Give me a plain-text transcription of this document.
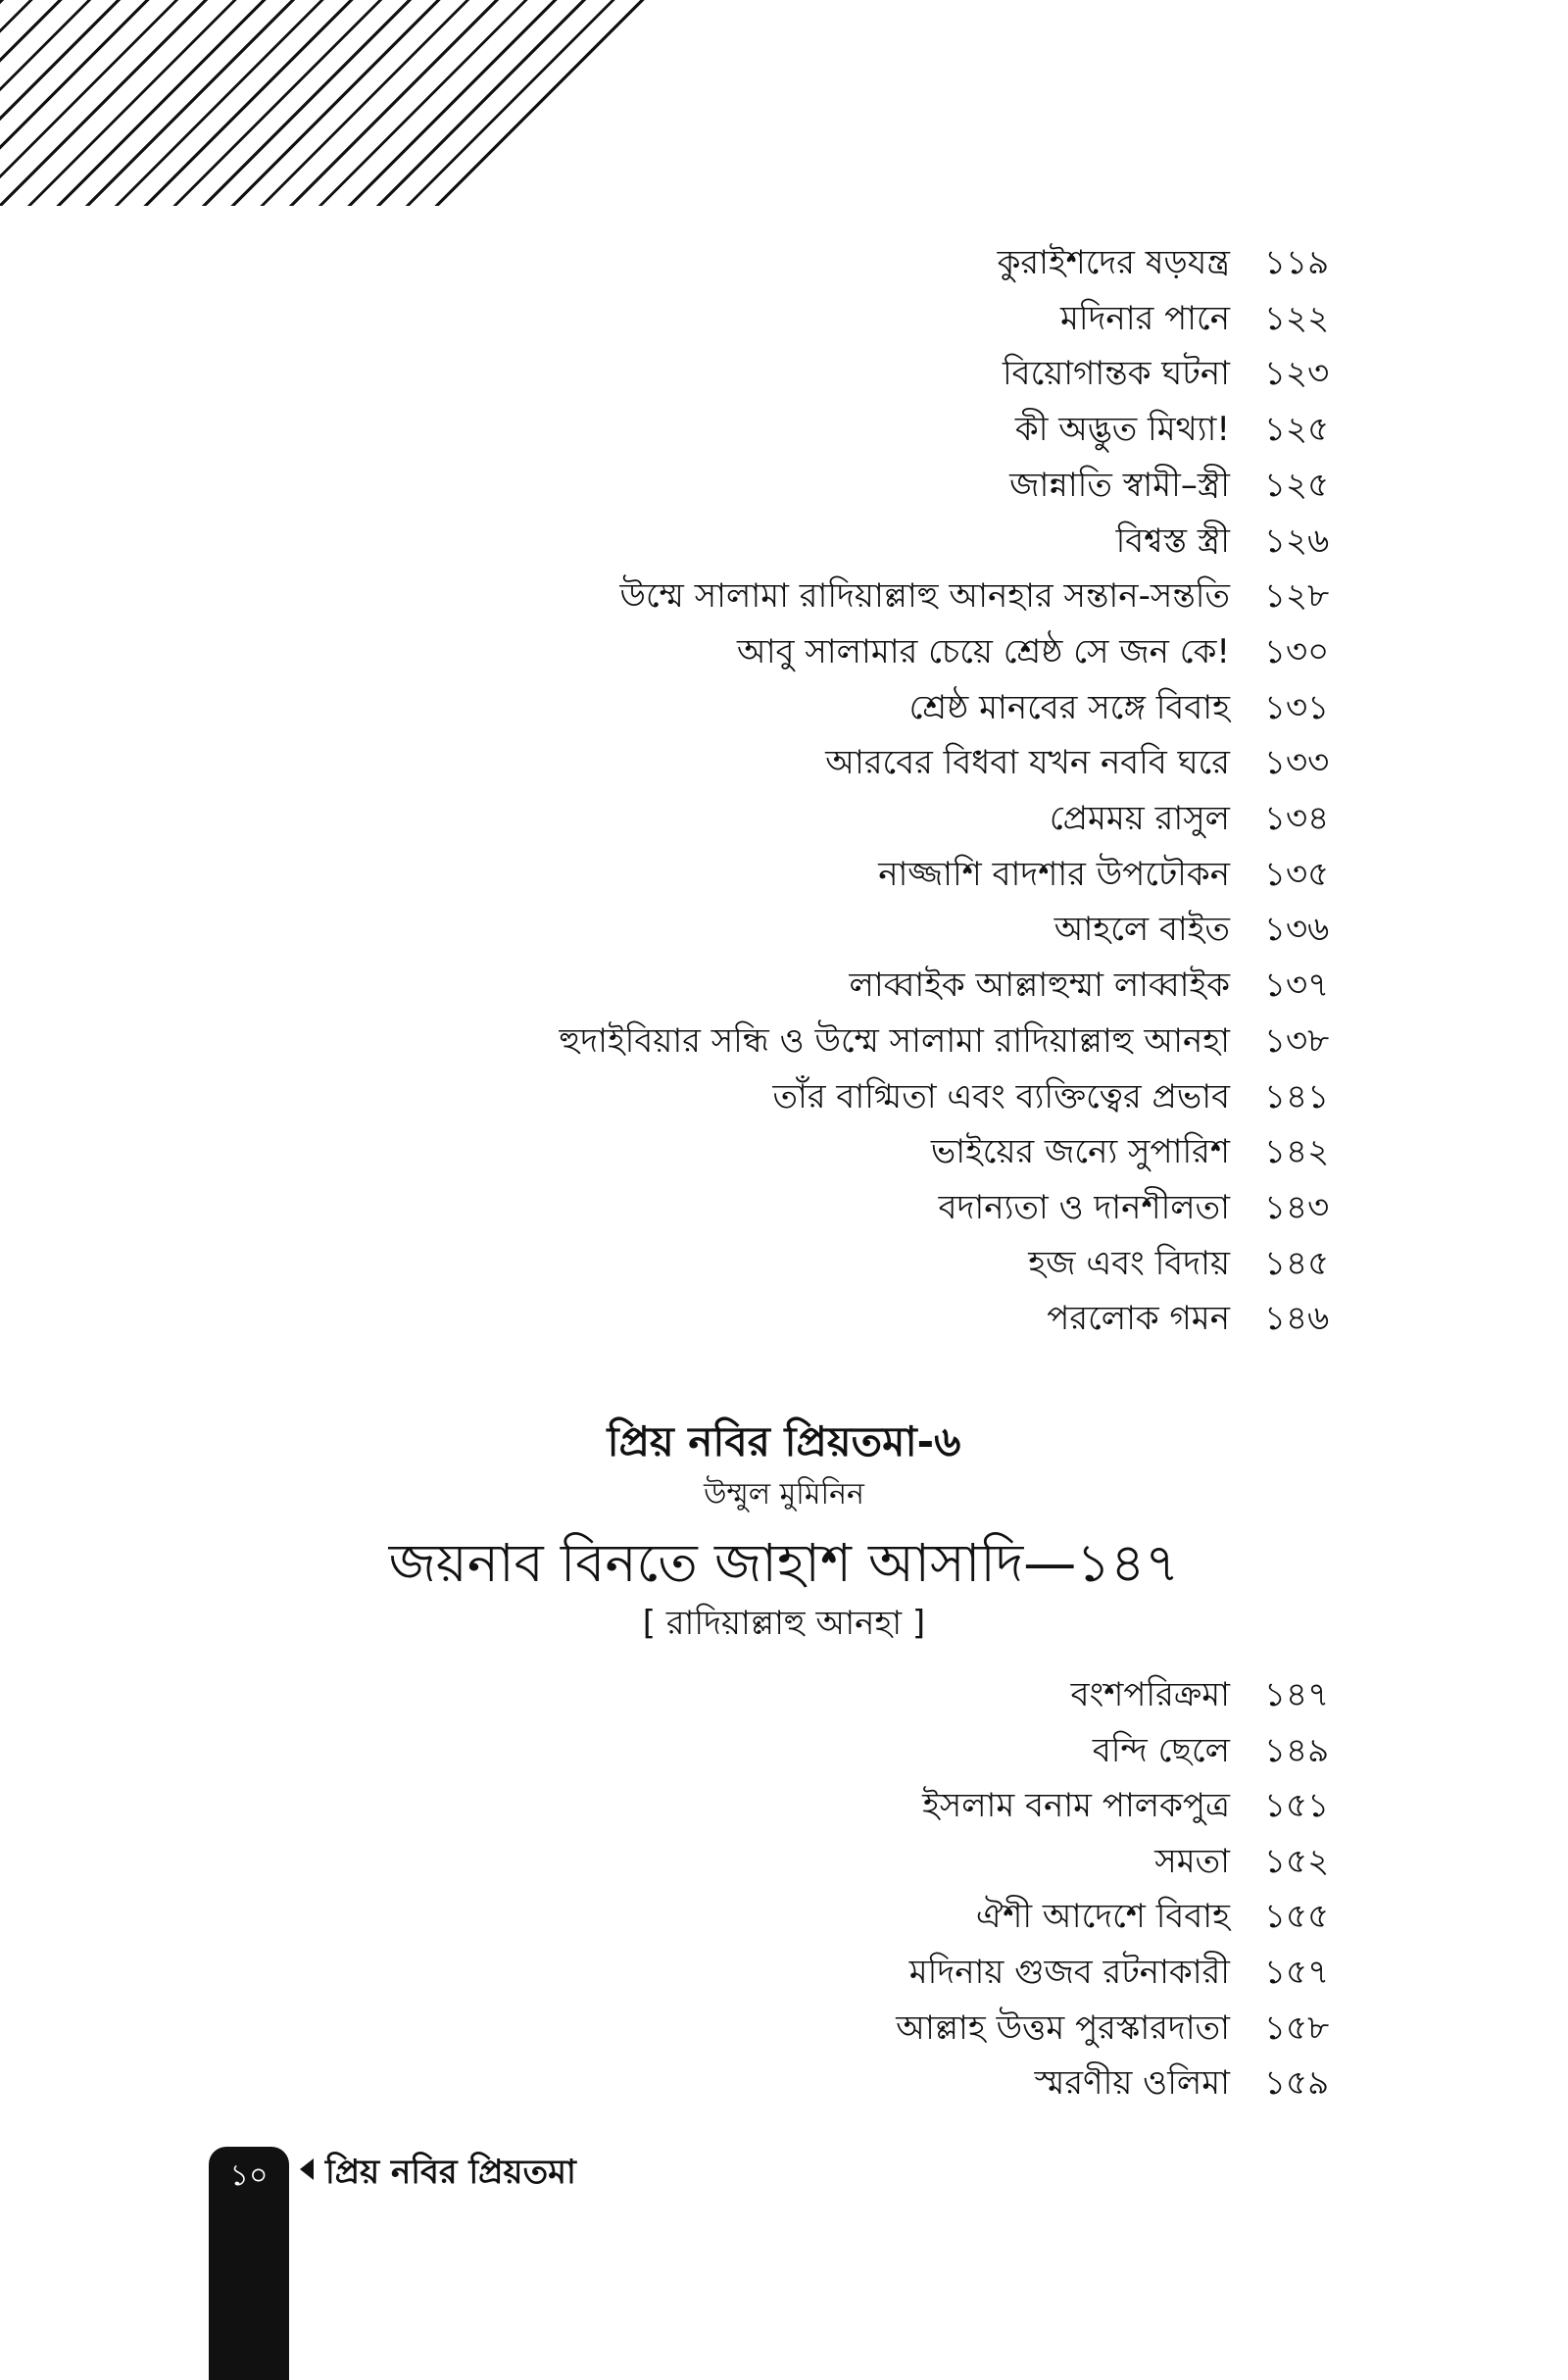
কুরাইশদের ষড়যন্ত্র ১১৯
মদিনার পানে ১২২
বিয়োগান্তক ঘটনা ১২৩
কী অদ্ভুত মিথ্যা! ১২৫
জান্নাতি স্বামী–স্ত্রী ১২৫
বিশ্বস্ত স্ত্রী ১২৬
উম্মে সালামা রাদিয়াল্লাহু আনহার সন্তান-সন্ততি ১২৮
আবু সালামার চেয়ে শ্রেষ্ঠ সে জন কে! ১৩০
শ্রেষ্ঠ মানবের সঙ্গে বিবাহ ১৩১
আরবের বিধবা যখন নববি ঘরে ১৩৩
প্রেমময় রাসুল ১৩৪
নাজ্জাশি বাদশার উপঢৌকন ১৩৫
আহলে বাইত ১৩৬
লাব্বাইক আল্লাহুম্মা লাব্বাইক ১৩৭
হুদাইবিয়ার সন্ধি ও উম্মে সালামা রাদিয়াল্লাহু আনহা ১৩৮
তাঁর বাগ্মিতা এবং ব্যক্তিত্বের প্রভাব ১৪১
ভাইয়ের জন্যে সুপারিশ ১৪২
বদান্যতা ও দানশীলতা ১৪৩
হজ এবং বিদায় ১৪৫
পরলোক গমন ১৪৬
প্রিয় নবির প্রিয়তমা-৬
উম্মুল মুমিনিন
জয়নাব বিনতে জাহাশ আসাদি—১৪৭
[ রাদিয়াল্লাহু আনহা ]
বংশপরিক্রমা ১৪৭
বন্দি ছেলে ১৪৯
ইসলাম বনাম পালকপুত্র ১৫১
সমতা ১৫২
ঐশী আদেশে বিবাহ ১৫৫
মদিনায় গুজব রটনাকারী ১৫৭
আল্লাহ উত্তম পুরস্কারদাতা ১৫৮
স্মরণীয় ওলিমা ১৫৯
১০	প্রিয় নবির প্রিয়তমা
